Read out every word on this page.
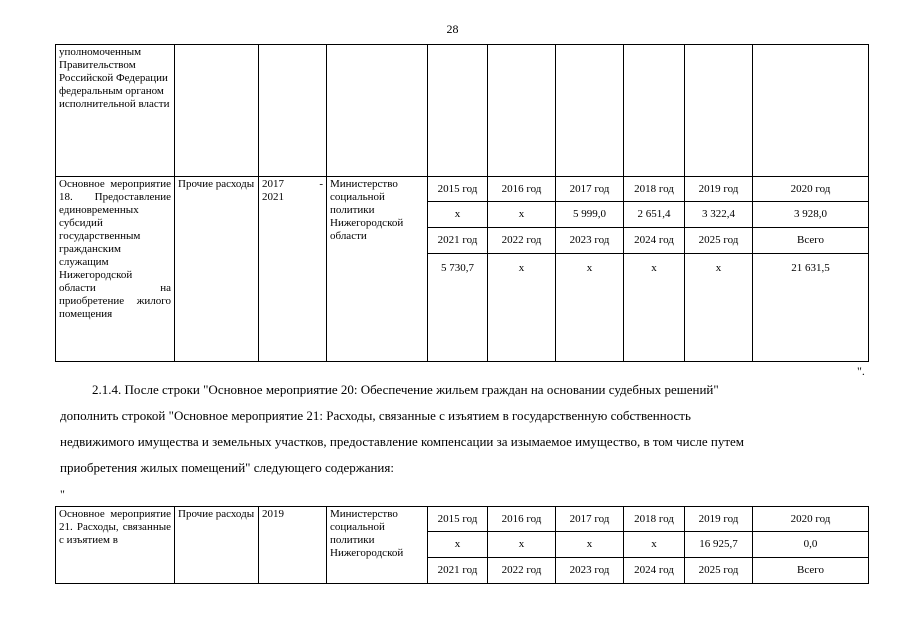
28
уполномоченным Правительством Российской Федерации федеральным органом исполнительной власти									
Основное мероприятие 18. Предоставление единовременных субсидий государственным гражданским служащим Нижегородской области на приобретение жилого помещения	Прочие расходы	2017 -
2021	Министерство социальной политики Нижегородской области	2015 год	2016 год	2017 год	2018 год	2019 год	2020 год
				х	х	5 999,0	2 651,4	3 322,4	3 928,0
				2021 год	2022 год	2023 год	2024 год	2025 год	Всего
				5 730,7	х	х	х	х	21 631,5
".
2.1.4. После строки "Основное мероприятие 20: Обеспечение жильем граждан на основании судебных решений"
дополнить строкой "Основное мероприятие 21: Расходы, связанные с изъятием в государственную собственность
недвижимого имущества и земельных участков, предоставление компенсации за изымаемое имущество, в том числе путем
приобретения жилых помещений" следующего содержания:
"
Основное мероприятие 21. Расходы, связанные с изъятием в	Прочие расходы	2019	Министерство социальной политики Нижегородской	2015 год	2016 год	2017 год	2018 год	2019 год	2020 год
				х	х	х	х	16 925,7	0,0
				2021 год	2022 год	2023 год	2024 год	2025 год	Всего
